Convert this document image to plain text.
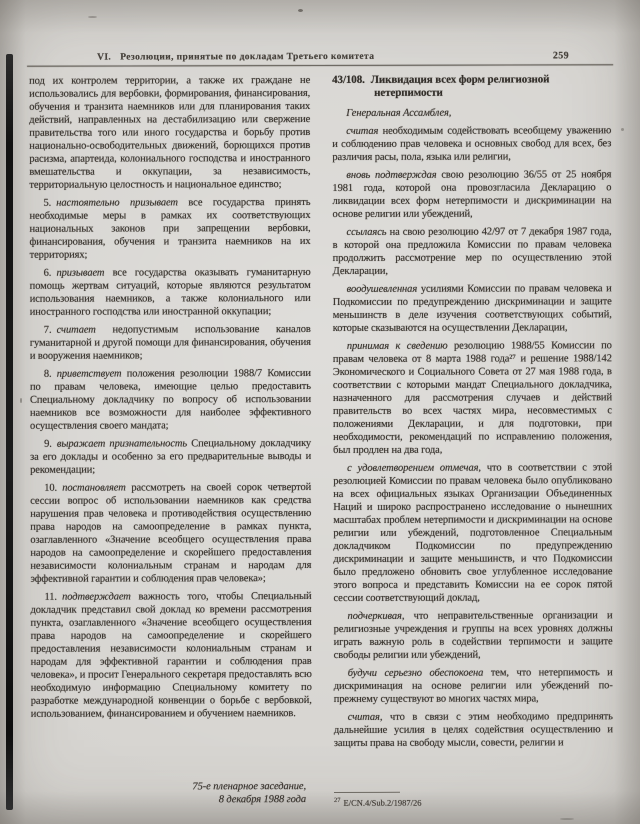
VI. Резолюции, принятые по докладам Третьего комитета	259

под их контролем территории, а также их граждане не использовались для вербовки, формирования, финансирования, обучения и транзита наемников или для планирования таких действий, направленных на дестабилизацию или свержение правительства того или иного государства и борьбу против национально-освободительных движений, борющихся против расизма, апартеида, колониального господства и иностранного вмешательства и оккупации, за независимость, территориальную целостность и национальное единство;

5. настоятельно призывает все государства принять необходимые меры в рамках их соответствующих национальных законов при запрещении вербовки, финансирования, обучения и транзита наемников на их территориях;

6. призывает все государства оказывать гуманитарную помощь жертвам ситуаций, которые являются результатом использования наемников, а также колониального или иностранного господства или иностранной оккупации;

7. считает недопустимым использование каналов гуманитарной и другой помощи для финансирования, обучения и вооружения наемников;

8. приветствует положения резолюции 1988/7 Комиссии по правам человека, имеющие целью предоставить Специальному докладчику по вопросу об использовании наемников все возможности для наиболее эффективного осуществления своего мандата;

9. выражает признательность Специальному докладчику за его доклады и особенно за его предварительные выводы и рекомендации;

10. постановляет рассмотреть на своей сорок четвертой сессии вопрос об использовании наемников как средства нарушения прав человека и противодействия осуществлению права народов на самоопределение в рамках пункта, озаглавленного «Значение всеобщего осуществления права народов на самоопределение и скорейшего предоставления независимости колониальным странам и народам для эффективной гарантии и соблюдения прав человека»;

11. подтверждает важность того, чтобы Специальный докладчик представил свой доклад ко времени рассмотрения пункта, озаглавленного «Значение всеобщего осуществления права народов на самоопределение и скорейшего предоставления независимости колониальным странам и народам для эффективной гарантии и соблюдения прав человека», и просит Генерального секретаря предоставлять всю необходимую информацию Специальному комитету по разработке международной конвенции о борьбе с вербовкой, использованием, финансированием и обучением наемников.

75-е пленарное заседание,
8 декабря 1988 года

43/108. Ликвидация всех форм религиозной нетерпимости

Генеральная Ассамблея,

считая необходимым содействовать всеобщему уважению и соблюдению прав человека и основных свобод для всех, без различия расы, пола, языка или религии,

вновь подтверждая свою резолюцию 36/55 от 25 ноября 1981 года, которой она провозгласила Декларацию о ликвидации всех форм нетерпимости и дискриминации на основе религии или убеждений,

ссылаясь на свою резолюцию 42/97 от 7 декабря 1987 года, в которой она предложила Комиссии по правам человека продолжить рассмотрение мер по осуществлению этой Декларации,

воодушевленная усилиями Комиссии по правам человека и Подкомиссии по предупреждению дискриминации и защите меньшинств в деле изучения соответствующих событий, которые сказываются на осуществлении Декларации,

принимая к сведению резолюцию 1988/55 Комиссии по правам человека от 8 марта 1988 года²⁷ и решение 1988/142 Экономического и Социального Совета от 27 мая 1988 года, в соответствии с которыми мандат Специального докладчика, назначенного для рассмотрения случаев и действий правительств во всех частях мира, несовместимых с положениями Декларации, и для подготовки, при необходимости, рекомендаций по исправлению положения, был продлен на два года,

с удовлетворением отмечая, что в соответствии с этой резолюцией Комиссии по правам человека было опубликовано на всех официальных языках Организации Объединенных Наций и широко распространено исследование о нынешних масштабах проблем нетерпимости и дискриминации на основе религии или убеждений, подготовленное Специальным докладчиком Подкомиссии по предупреждению дискриминации и защите меньшинств, и что Подкомиссии было предложено обновить свое углубленное исследование этого вопроса и представить Комиссии на ее сорок пятой сессии соответствующий доклад,

подчеркивая, что неправительственные организации и религиозные учреждения и группы на всех уровнях должны играть важную роль в содействии терпимости и защите свободы религии или убеждений,

будучи серьезно обеспокоена тем, что нетерпимость и дискриминация на основе религии или убеждений по-прежнему существуют во многих частях мира,

считая, что в связи с этим необходимо предпринять дальнейшие усилия в целях содействия осуществлению и защиты права на свободу мысли, совести, религии и

$^{27}$ E/CN.4/Sub.2/1987/26
